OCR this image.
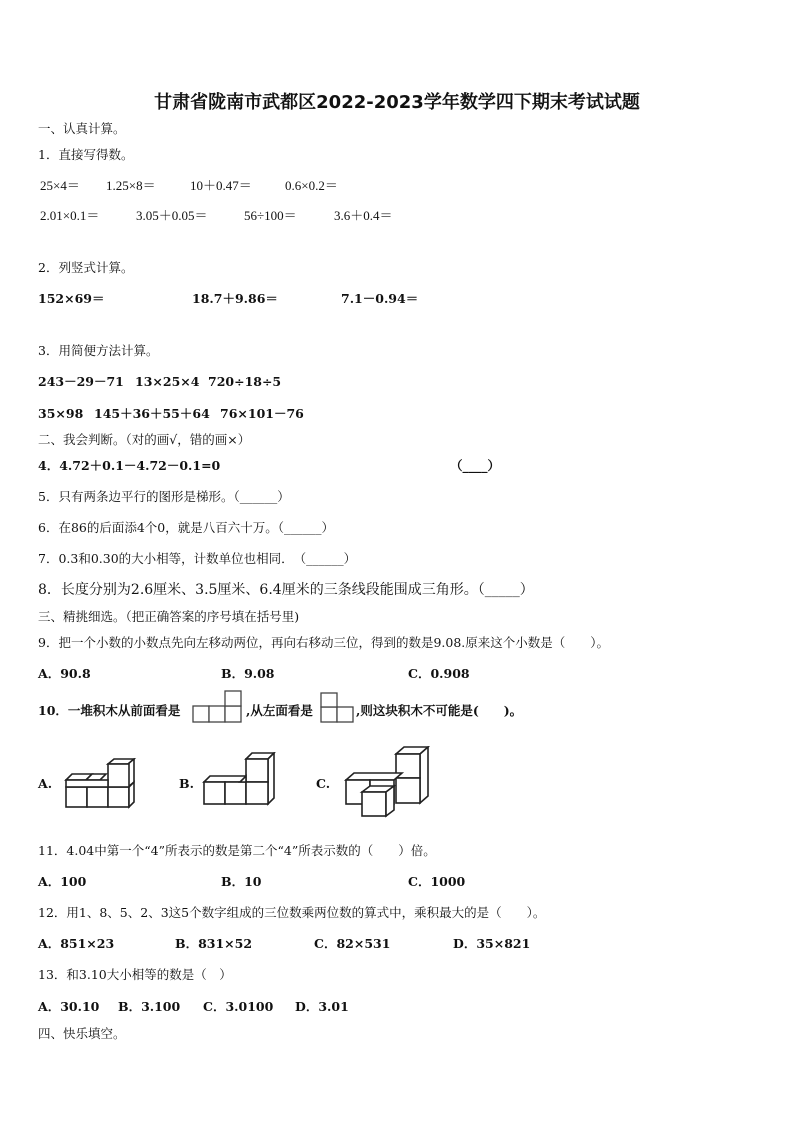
甘肃省陇南市武都区2022-2023学年数学四下期末考试试题
一、认真计算。
1．直接写得数。
25×4＝ 1.25×8＝	10＋0.47＝	0.6×0.2＝
2.01×0.1＝	3.05＋0.05＝	56÷100＝	3.6＋0.4＝
2．列竖式计算。
152×69＝	18.7＋9.86＝	7.1－0.94＝
3．用简便方法计算。
243－29－71 13×25×4 720÷18÷5
35×98 145＋36＋55＋64 76×101－76
二、我会判断。（对的画√，错的画×）
4．4.72＋0.1－4.72－0.1=0	（____）
5．只有两条边平行的图形是梯形。（______）
6．在86的后面添4个0，就是八百六十万。（______）
7．0.3和0.30的大小相等，计数单位也相同．　（______）
8．长度分别为2.6厘米、3.5厘米、6.4厘米的三条线段能围成三角形。（_____）
三、精挑细选。（把正确答案的序号填在括号里)
9．把一个小数的小数点先向左移动两位，再向右移动三位，得到的数是9.08.原来这个小数是（　　）。
A．90.8	B．9.08	C．0.908
10．一堆积木从前面看是	,从左面看是	,则这块积木不可能是(　　)。
A.	B.	C.
11．4.04中第一个“4”所表示的数是第二个“4”所表示数的（　　）倍。
A．100	B．10	C．1000
12．用1、8、5、2、3这5个数字组成的三位数乘两位数的算式中，乘积最大的是（　　）。
A．851×23	B．831×52	C．82×531	D．35×821
13．和3.10大小相等的数是（　）
A．30.10 B．3.100 C．3.0100 D．3.01
四、快乐填空。
